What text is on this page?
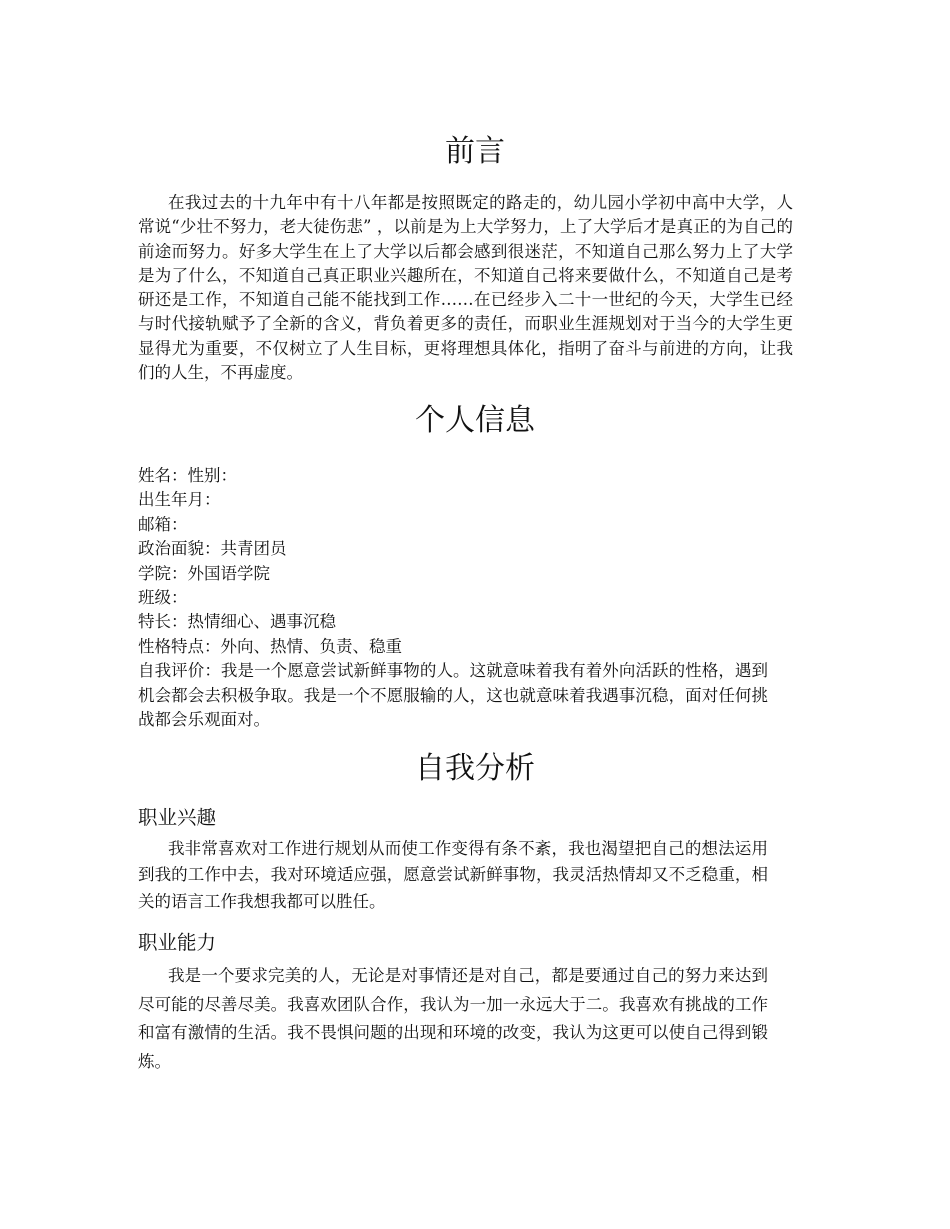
前言

在我过去的十九年中有十八年都是按照既定的路走的，幼儿园小学初中高中大学，人常说“少壮不努力，老大徒伤悲” ，以前是为上大学努力，上了大学后才是真正的为自己的前途而努力。好多大学生在上了大学以后都会感到很迷茫，不知道自己那么努力上了大学是为了什么，不知道自己真正职业兴趣所在，不知道自己将来要做什么，不知道自己是考研还是工作，不知道自己能不能找到工作……在已经步入二十一世纪的今天，大学生已经与时代接轨赋予了全新的含义，背负着更多的责任，而职业生涯规划对于当今的大学生更显得尤为重要，不仅树立了人生目标，更将理想具体化，指明了奋斗与前进的方向，让我们的人生，不再虚度。

个人信息
姓名：性别：
出生年月：
邮箱：
政治面貌：共青团员
学院：外国语学院
班级：
特长：热情细心、遇事沉稳
性格特点：外向、热情、负责、稳重
自我评价：我是一个愿意尝试新鲜事物的人。这就意味着我有着外向活跃的性格，遇到机会都会去积极争取。我是一个不愿服输的人，这也就意味着我遇事沉稳，面对任何挑战都会乐观面对。
自我分析
职业兴趣

我非常喜欢对工作进行规划从而使工作变得有条不紊，我也渴望把自己的想法运用到我的工作中去，我对环境适应强，愿意尝试新鲜事物，我灵活热情却又不乏稳重，相关的语言工作我想我都可以胜任。

职业能力

我是一个要求完美的人，无论是对事情还是对自己，都是要通过自己的努力来达到尽可能的尽善尽美。我喜欢团队合作，我认为一加一永远大于二。我喜欢有挑战的工作和富有激情的生活。我不畏惧问题的出现和环境的改变，我认为这更可以使自己得到锻炼。
